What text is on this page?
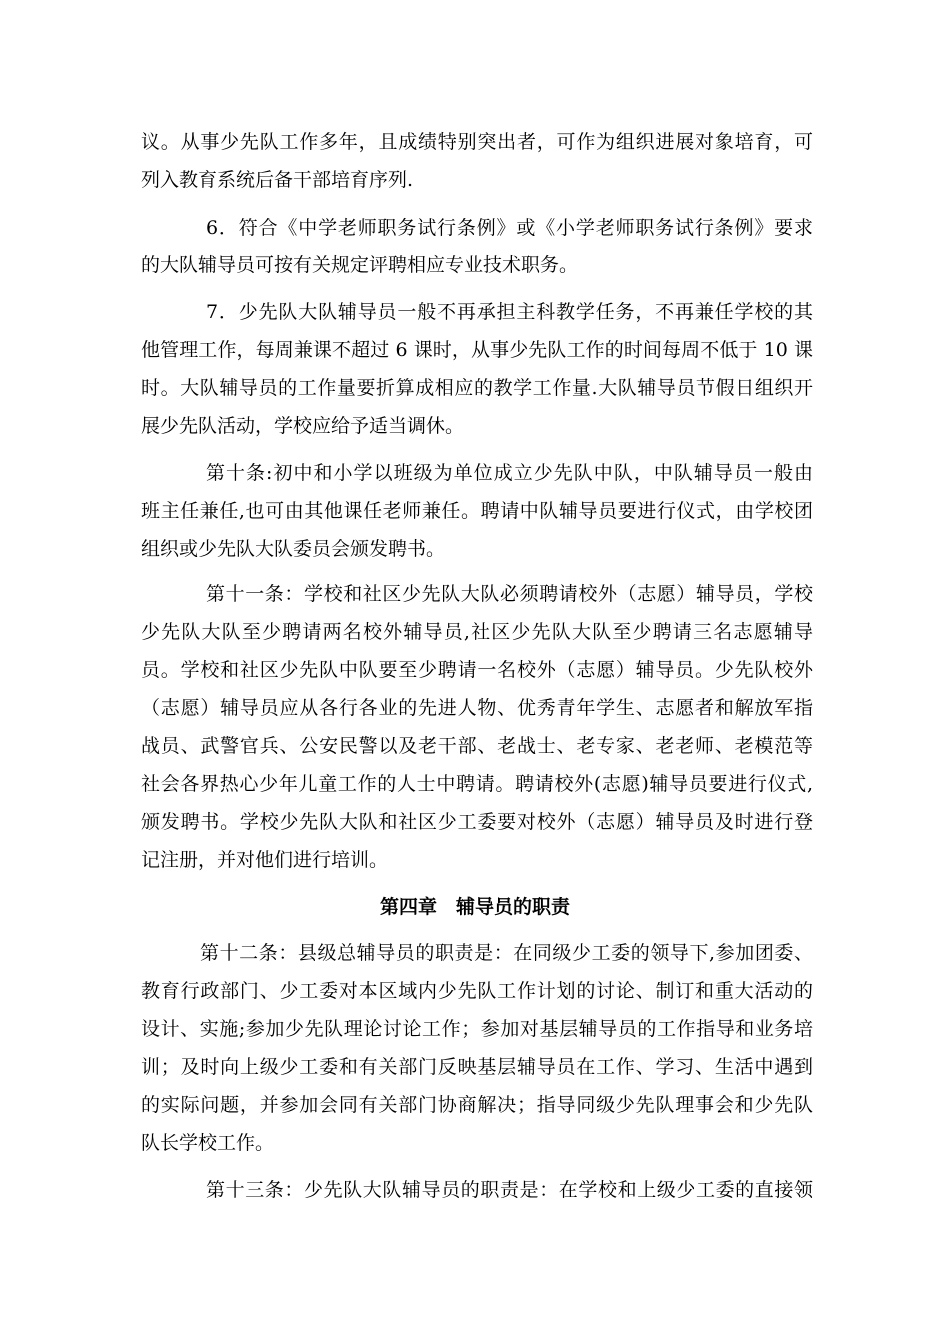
议。从事少先队工作多年，且成绩特别突出者，可作为组织进展对象培育，可
列入教育系统后备干部培育序列.
6．符合《中学老师职务试行条例》或《小学老师职务试行条例》要求
的大队辅导员可按有关规定评聘相应专业技术职务。
7．少先队大队辅导员一般不再承担主科教学任务，不再兼任学校的其
他管理工作，每周兼课不超过 6 课时，从事少先队工作的时间每周不低于 10 课
时。大队辅导员的工作量要折算成相应的教学工作量.大队辅导员节假日组织开
展少先队活动，学校应给予适当调休。
第十条:初中和小学以班级为单位成立少先队中队，中队辅导员一般由
班主任兼任,也可由其他课任老师兼任。聘请中队辅导员要进行仪式，由学校团
组织或少先队大队委员会颁发聘书。
第十一条：学校和社区少先队大队必须聘请校外（志愿）辅导员，学校
少先队大队至少聘请两名校外辅导员,社区少先队大队至少聘请三名志愿辅导
员。学校和社区少先队中队要至少聘请一名校外（志愿）辅导员。少先队校外
（志愿）辅导员应从各行各业的先进人物、优秀青年学生、志愿者和解放军指
战员、武警官兵、公安民警以及老干部、老战士、老专家、老老师、老模范等
社会各界热心少年儿童工作的人士中聘请。聘请校外(志愿)辅导员要进行仪式,
颁发聘书。学校少先队大队和社区少工委要对校外（志愿）辅导员及时进行登
记注册，并对他们进行培训。
第四章　辅导员的职责
第十二条：县级总辅导员的职责是：在同级少工委的领导下,参加团委、
教育行政部门、少工委对本区域内少先队工作计划的讨论、制订和重大活动的
设计、实施;参加少先队理论讨论工作；参加对基层辅导员的工作指导和业务培
训；及时向上级少工委和有关部门反映基层辅导员在工作、学习、生活中遇到
的实际问题，并参加会同有关部门协商解决；指导同级少先队理事会和少先队
队长学校工作。
第十三条：少先队大队辅导员的职责是：在学校和上级少工委的直接领
